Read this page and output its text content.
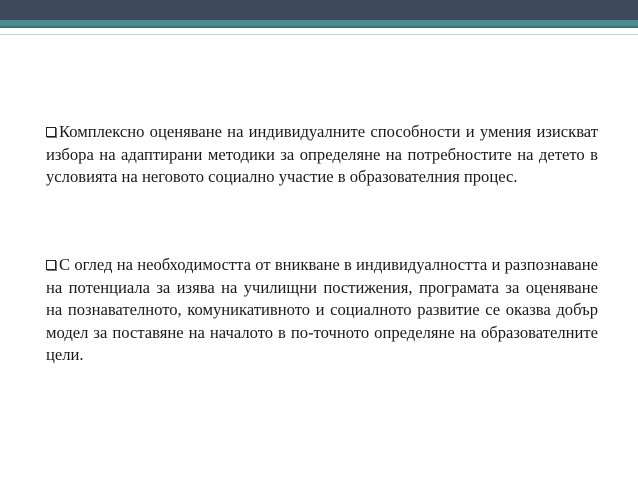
Комплексно оценяване на индивидуалните способности и умения изискват избора на адаптирани методики за определяне на потребностите на детето в условията на неговото социално участие в образователния процес.
С оглед на необходимостта от вникване в индивидуалността и разпознаване на потенциала за изява на училищни постижения, програмата за оценяване на познавателното, комуникативното и социалното развитие се оказва добър модел за поставяне на началото в по-точното определяне на образователните цели.
